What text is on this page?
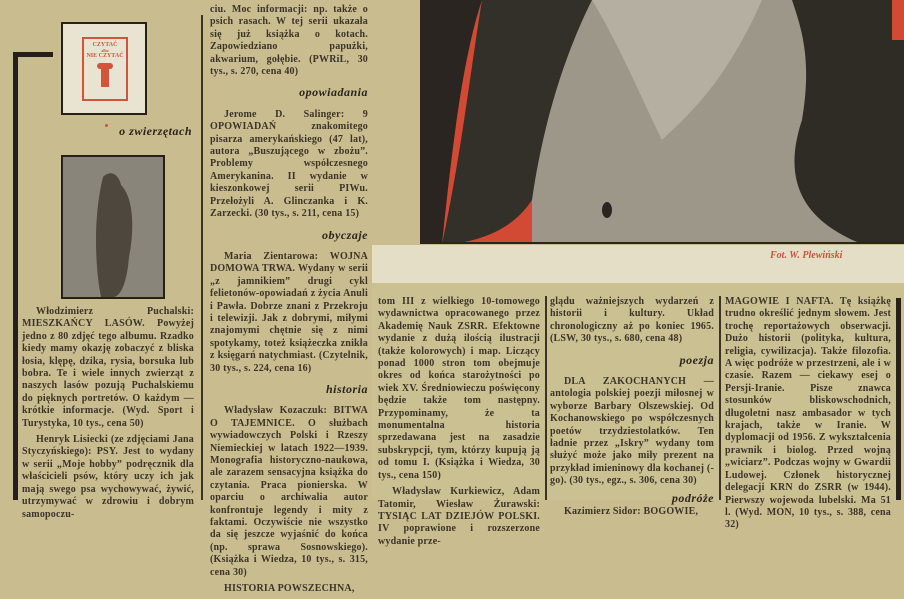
Fot. W. Plewiński
CZYTAĆ
albo
NIE CZYTAĆ
o zwierzętach

Włodzimierz Puchalski: MIESZKAŃCY LASÓW. Powyżej jedno z 80 zdjęć tego albumu. Rzadko kiedy mamy okazję zobaczyć z bliska łosia, klępę, dzika, rysia, borsuka lub bobra. Te i wiele innych zwierząt z naszych lasów pozują Puchalskiemu do pięknych portretów. O każdym — krótkie informacje. (Wyd. Sport i Turystyka, 10 tys., cena 50)

Henryk Lisiecki (ze zdjęciami Jana Styczyńskiego): PSY. Jest to wydany w serii „Moje hobby” podręcznik dla właścicieli psów, który uczy ich jak mają swego psa wychowywać, żywić, utrzymywać w zdrowiu i dobrym samopoczu-

ciu. Moc informacji: np. także o psich rasach. W tej serii ukazała się już książka o kotach. Zapowiedziano papużki, akwarium, gołębie. (PWRiL, 30 tys., s. 270, cena 40)

opowiadania

Jerome D. Salinger: 9 OPOWIADAŃ znakomitego pisarza amerykańskiego (47 lat), autora „Buszującego w zbożu”. Problemy współczesnego Amerykanina. II wydanie w kieszonkowej serii PIWu. Przełożyli A. Glinczanka i K. Zarzecki. (30 tys., s. 211, cena 15)

obyczaje

Maria Zientarowa: WOJNA DOMOWA TRWA. Wydany w serii „z jamnikiem” drugi cykl felietonów-opowiadań z życia Anuli i Pawła. Dobrze znani z Przekroju i telewizji. Jak z dobrymi, miłymi znajomymi chętnie się z nimi spotykamy, toteż książeczka znikła z księgarń natychmiast. (Czytelnik, 30 tys., s. 224, cena 16)

historia

Władysław Kozaczuk: BITWA O TAJEMNICE. O służbach wywiadowczych Polski i Rzeszy Niemieckiej w latach 1922—1939. Monografia historyczno-naukowa, ale zarazem sensacyjna książka do czytania. Praca pionierska. W oparciu o archiwalia autor konfrontuje legendy i mity z faktami. Oczywiście nie wszystko da się jeszcze wyjaśnić do końca (np. sprawa Sosnowskiego). (Książka i Wiedza, 10 tys., s. 315, cena 30)

HISTORIA POWSZECHNA,

tom III z wielkiego 10-tomowego wydawnictwa opracowanego przez Akademię Nauk ZSRR. Efektowne wydanie z dużą ilością ilustracji (także kolorowych) i map. Liczący ponad 1000 stron tom obejmuje okres od końca starożytności po wiek XV. Średniowieczu poświęcony będzie także tom następny. Przypominamy, że ta monumentalna historia sprzedawana jest na zasadzie subskrypcji, tym, którzy kupują ją od tomu I. (Książka i Wiedza, 30 tys., cena 150)

Władysław Kurkiewicz, Adam Tatomir, Wiesław Żurawski: TYSIĄC LAT DZIEJÓW POLSKI. IV poprawione i rozszerzone wydanie prze-

glądu ważniejszych wydarzeń z historii i kultury. Układ chronologiczny aż po koniec 1965. (LSW, 30 tys., s. 680, cena 48)

poezja

DLA ZAKOCHANYCH — antologia polskiej poezji miłosnej w wyborze Barbary Olszewskiej. Od Kochanowskiego po współczesnych poetów trzydziestolatków. Ten ładnie przez „Iskry” wydany tom służyć może jako miły prezent na przykład imieninowy dla kochanej (-go). (30 tys., egz., s. 306, cena 30)

podróże

Kazimierz Sidor: BOGOWIE,

MAGOWIE I NAFTA. Tę książkę trudno określić jednym słowem. Jest trochę reportażowych obserwacji. Dużo historii (polityka, kultura, religia, cywilizacja). Także filozofia. A więc podróże w przestrzeni, ale i w czasie. Razem — ciekawy esej o Persji-Iranie. Pisze znawca stosunków bliskowschodnich, długoletni nasz ambasador w tych krajach, także w Iranie. W dyplomacji od 1956. Z wykształcenia prawnik i biolog. Przed wojną „wiciarz”. Podczas wojny w Gwardii Ludowej. Członek historycznej delegacji KRN do ZSRR (w 1944). Pierwszy wojewoda lubelski. Ma 51 l. (Wyd. MON, 10 tys., s. 388, cena 32)
